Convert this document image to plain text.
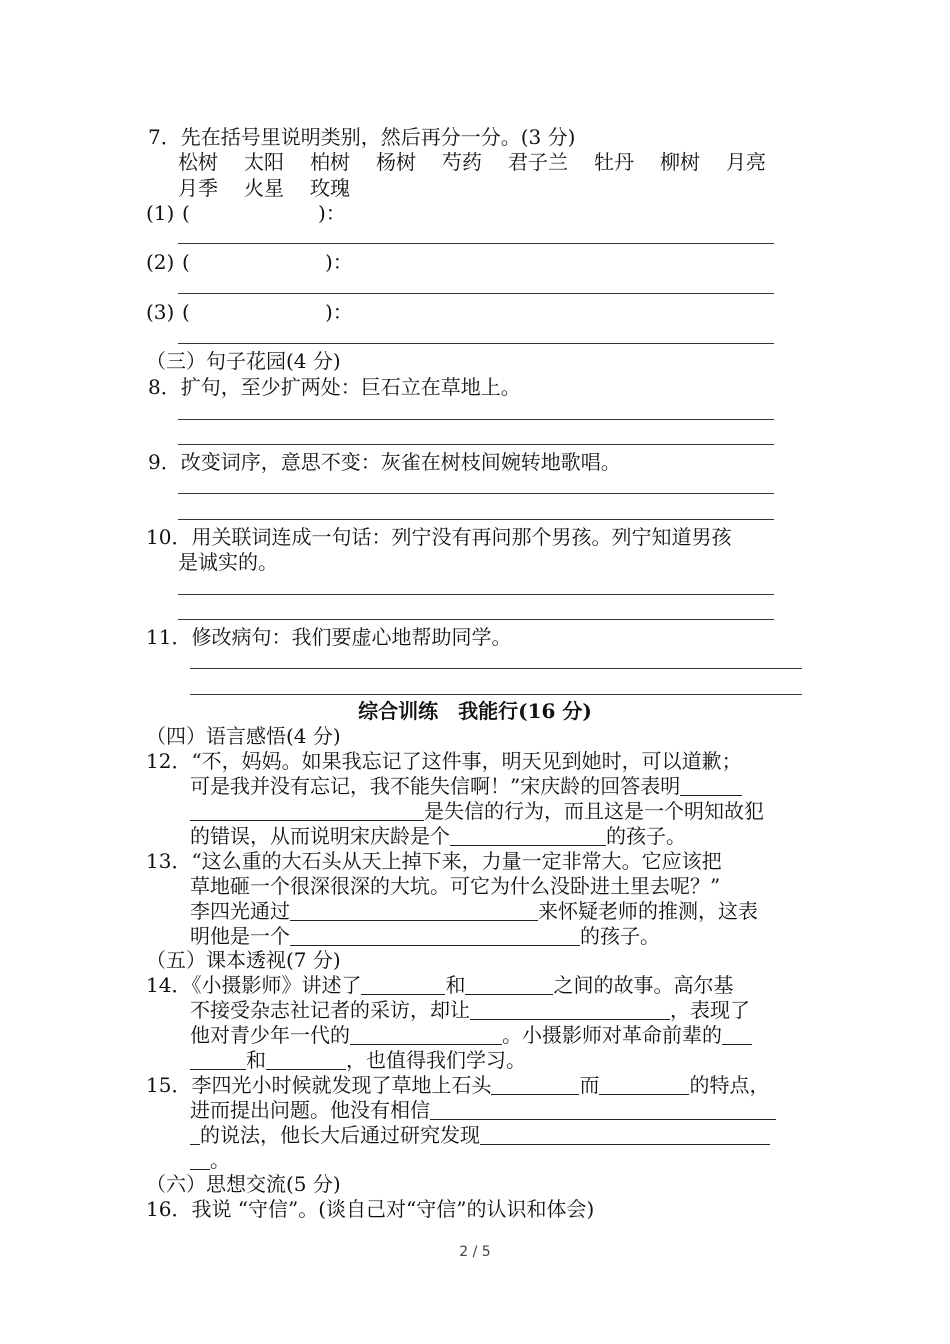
7．先在括号里说明类别，然后再分一分。(3 分)
松树 太阳 柏树 杨树 芍药 君子兰 牡丹 柳树 月亮
月季 火星 玫瑰
(1) (	)：
(2) (	)：
(3) (	)：
（三）句子花园(4 分)
8．扩句，至少扩两处：巨石立在草地上。
9．改变词序，意思不变：灰雀在树枝间婉转地歌唱。
10．用关联词连成一句话：列宁没有再问那个男孩。列宁知道男孩
是诚实的。
11．修改病句：我们要虚心地帮助同学。
综合训练　我能行(16 分)
（四）语言感悟(4 分)
12．“不，妈妈。如果我忘记了这件事，明天见到她时，可以道歉；
可是我并没有忘记，我不能失信啊！”宋庆龄的回答表明
是失信的行为，而且这是一个明知故犯
的错误，从而说明宋庆龄是个	的孩子。
13．“这么重的大石头从天上掉下来，力量一定非常大。它应该把
草地砸一个很深很深的大坑。可它为什么没卧进土里去呢？”
李四光通过	来怀疑老师的推测，这表
明他是一个	的孩子。
（五）课本透视(7 分)
14．《小摄影师》讲述了	和	之间的故事。高尔基
不接受杂志社记者的采访，却让	，表现了
他对青少年一代的	。小摄影师对革命前辈的
和	，也值得我们学习。
15．李四光小时候就发现了草地上石头	而	的特点，
进而提出问题。他没有相信
的说法，他长大后通过研究发现
。
（六）思想交流(5 分)
16．我说 “守信”。(谈自己对“守信”的认识和体会)
2 / 5
